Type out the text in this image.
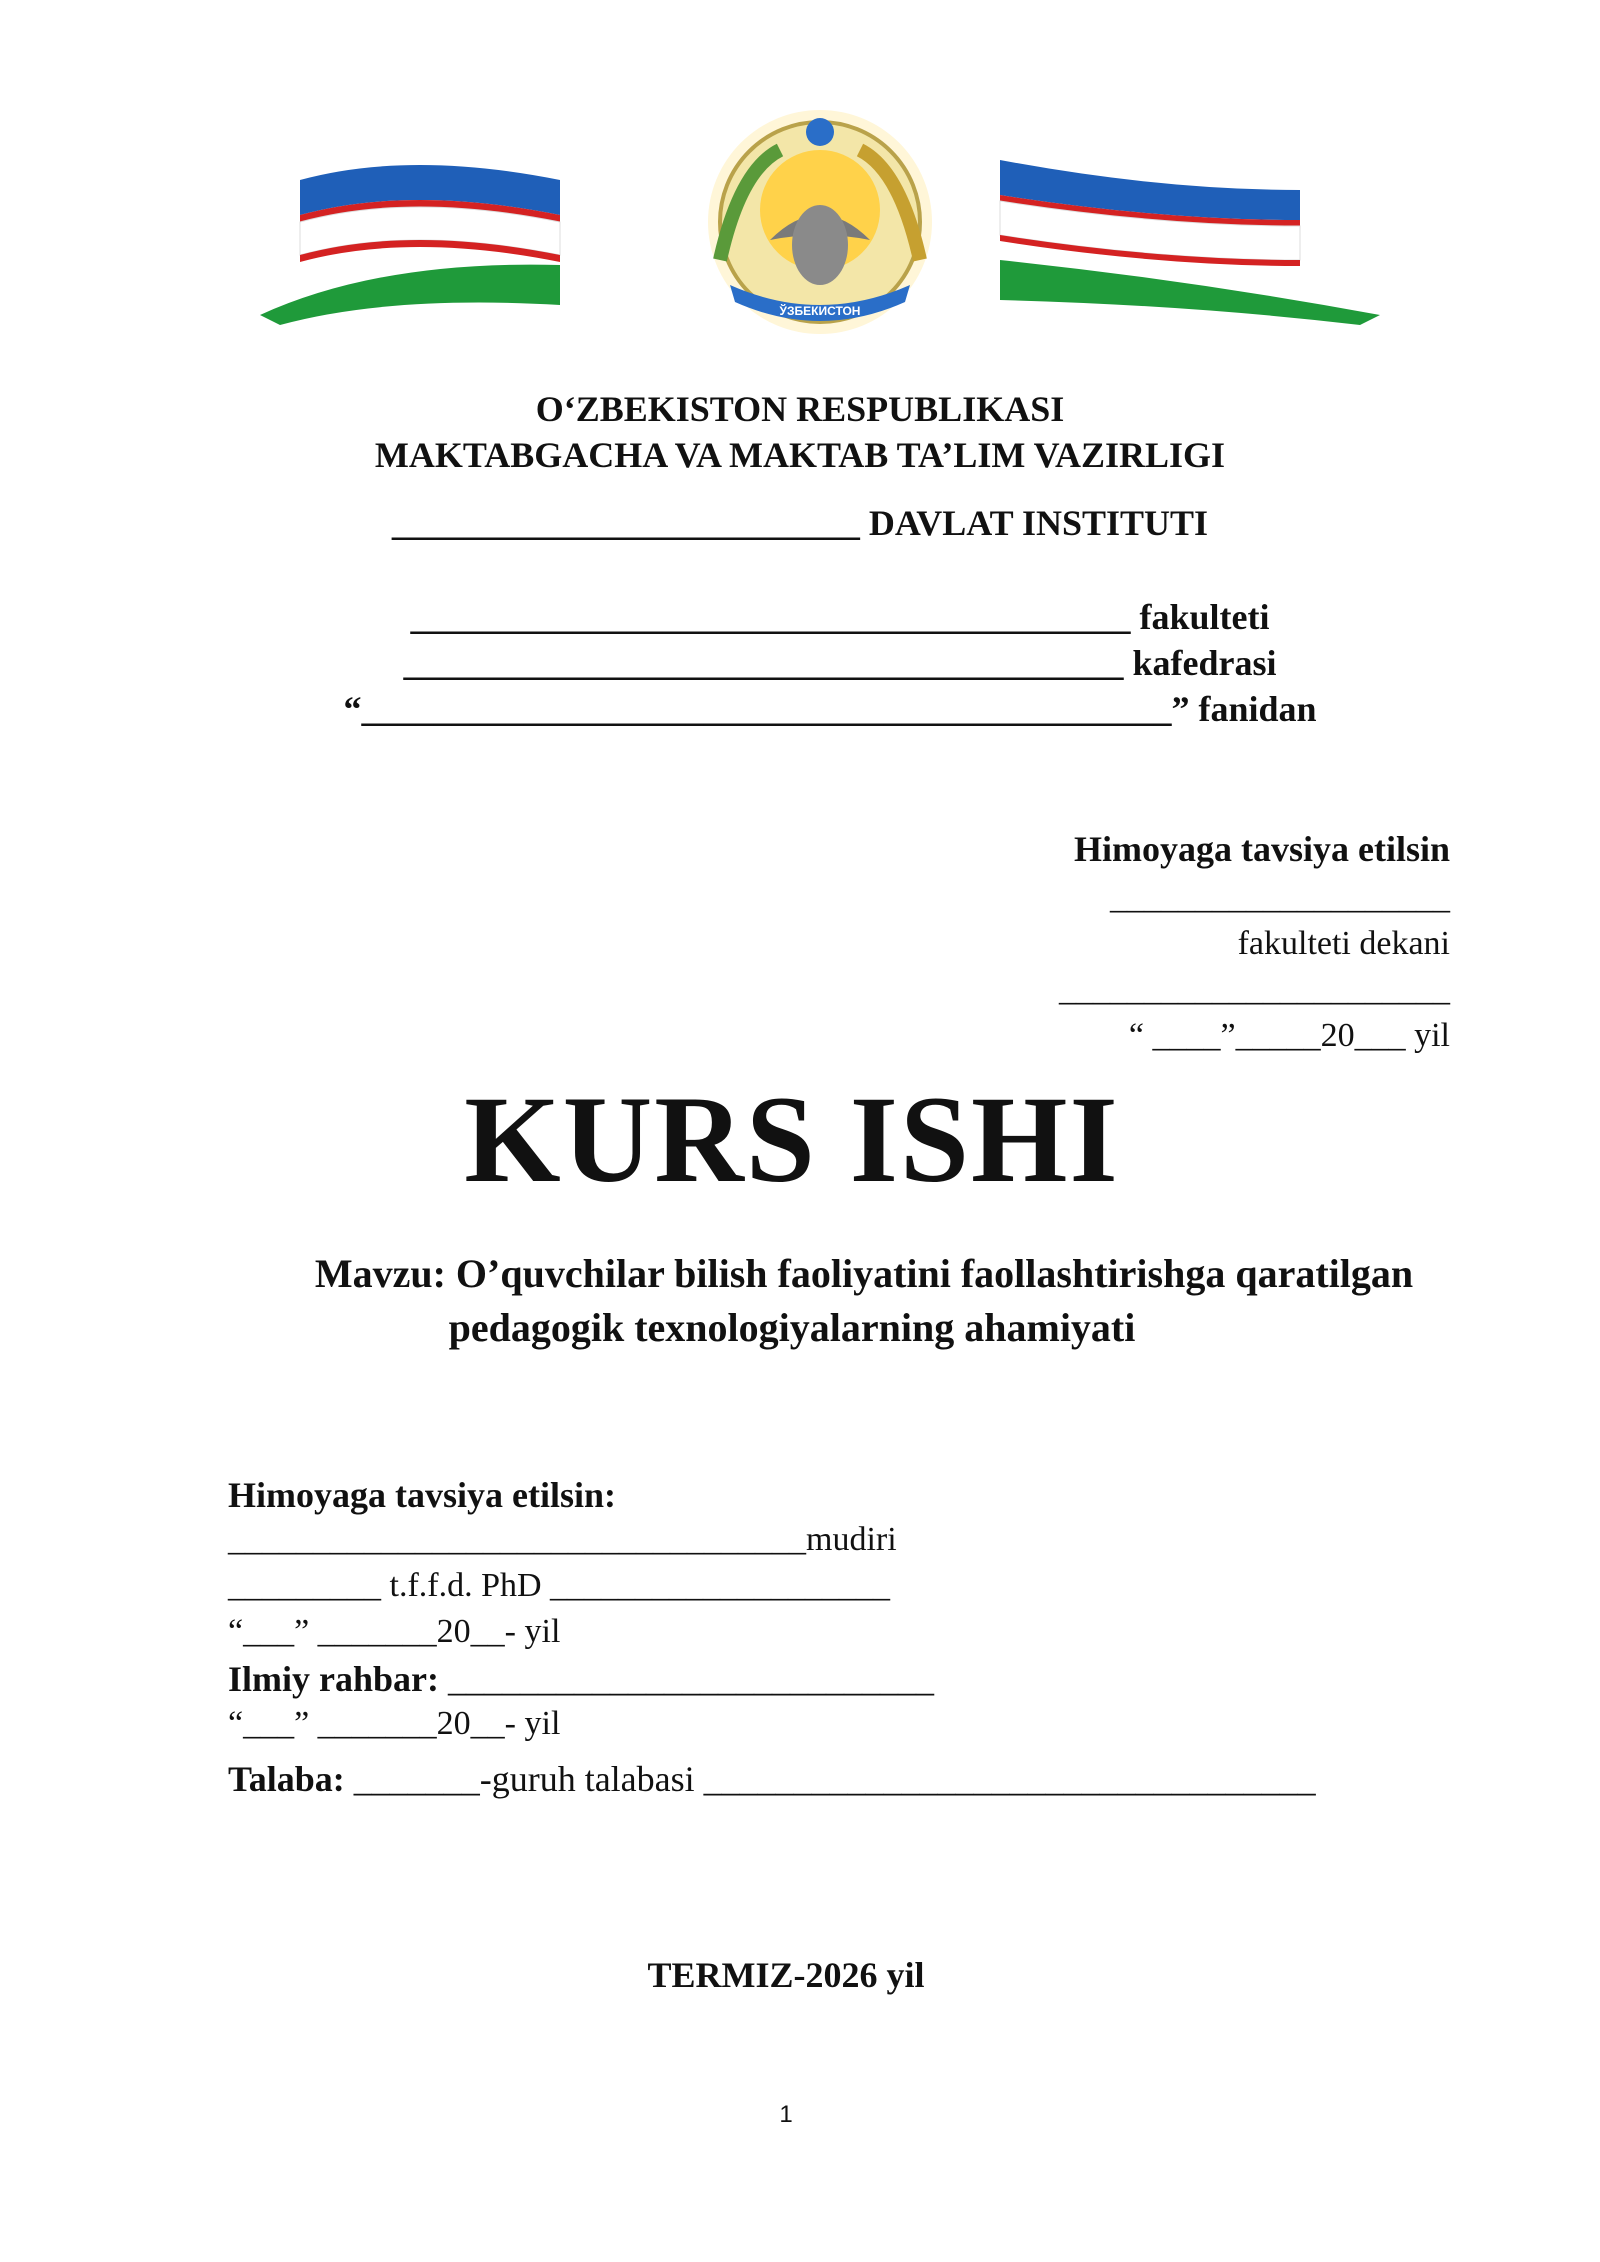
ЎЗБЕКИСТОН
O‘ZBEKISTON RESPUBLIKASI
MAKTABGACHA VA MAKTAB TA’LIM VAZIRLIGI
__________________________ DAVLAT INSTITUTI
________________________________________ fakulteti
________________________________________ kafedrasi
“_____________________________________________” fanidan
Himoyaga tavsiya etilsin
____________________
fakulteti dekani
_______________________
“ ____”_____20___ yil
KURS ISHI
Mavzu: O’quvchilar bilish faoliyatini faollashtirishga qaratilgan
pedagogik texnologiyalarning ahamiyati
Himoyaga tavsiya etilsin:
__________________________________mudiri
_________ t.f.f.d. PhD ____________________
“___” _______20__- yil
Ilmiy rahbar: ___________________________
“___” _______20__- yil
Talaba: _______-guruh talabasi __________________________________
TERMIZ-2026 yil
1
